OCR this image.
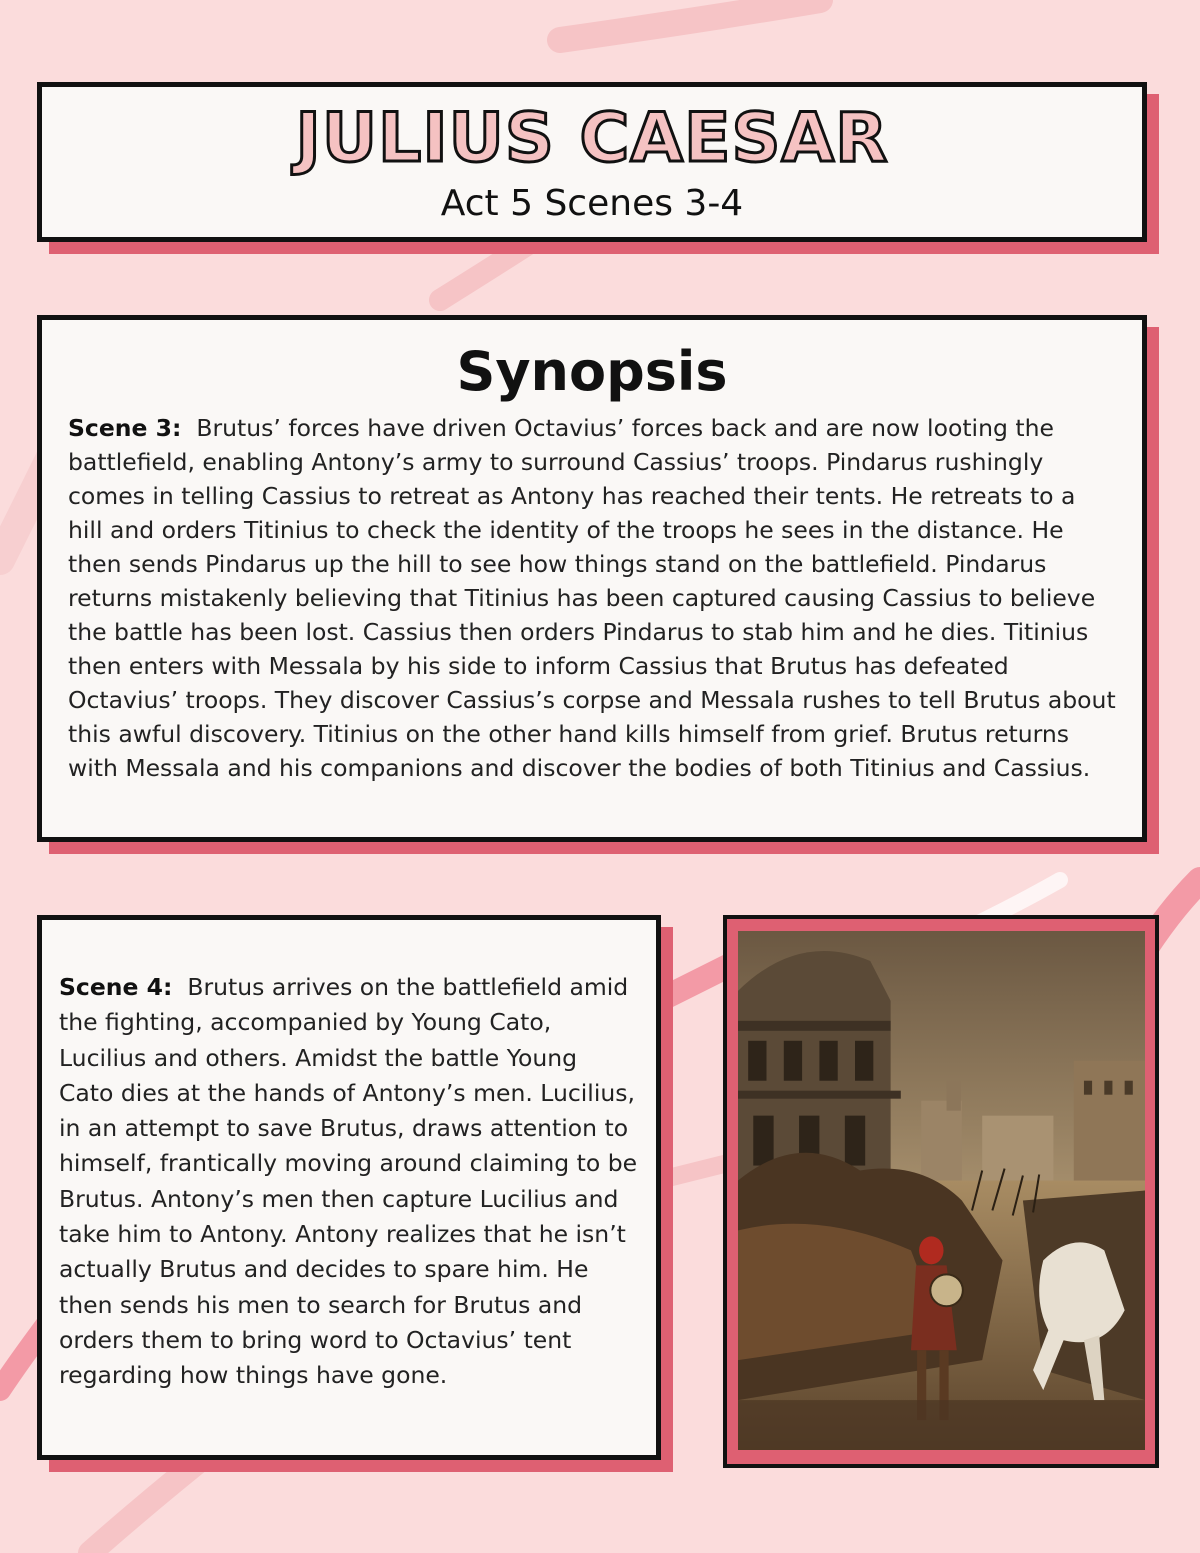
JULIUS CAESAR
Act 5 Scenes 3-4
Synopsis

Scene 3: Brutus’ forces have driven Octavius’ forces back and are now looting the battlefield, enabling Antony’s army to surround Cassius’ troops. Pindarus rushingly comes in telling Cassius to retreat as Antony has reached their tents. He retreats to a hill and orders Titinius to check the identity of the troops he sees in the distance. He then sends Pindarus up the hill to see how things stand on the battlefield. Pindarus returns mistakenly believing that Titinius has been captured causing Cassius to believe the battle has been lost. Cassius then orders Pindarus to stab him and he dies. Titinius then enters with Messala by his side to inform Cassius that Brutus has defeated Octavius’ troops. They discover Cassius’s corpse and Messala rushes to tell Brutus about this awful discovery. Titinius on the other hand kills himself from grief. Brutus returns with Messala and his companions and discover the bodies of both Titinius and Cassius.

Scene 4: Brutus arrives on the battlefield amid the fighting, accompanied by Young Cato, Lucilius and others. Amidst the battle Young Cato dies at the hands of Antony’s men. Lucilius, in an attempt to save Brutus, draws attention to himself, frantically moving around claiming to be Brutus. Antony’s men then capture Lucilius and take him to Antony. Antony realizes that he isn’t actually Brutus and decides to spare him. He then sends his men to search for Brutus and orders them to bring word to Octavius’ tent regarding how things have gone.
